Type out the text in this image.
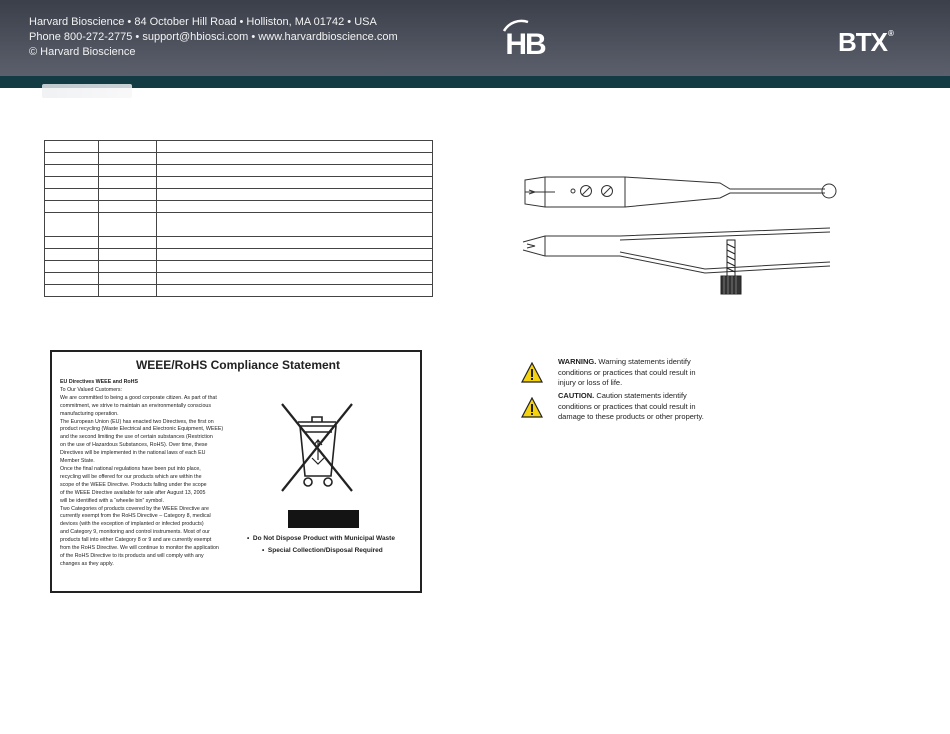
Harvard Bioscience • 84 October Hill Road • Holliston, MA 01742 • USA
Phone 800-272-2775 • support@hbiosci.com • www.harvardbioscience.com
© Harvard Bioscience	HB	BTX®

WEEE/RoHS Compliance Statement
EU Directives WEEE and RoHS
To Our Valued Customers:
We are committed to being a good corporate citizen. As part of that
commitment, we strive to maintain an environmentally conscious
manufacturing operation.
The European Union (EU) has enacted two Directives, the first on
product recycling (Waste Electrical and Electronic Equipment, WEEE)
and the second limiting the use of certain substances (Restriction
on the use of Hazardous Substances, RoHS). Over time, these
Directives will be implemented in the national laws of each EU
Member State.
Once the final national regulations have been put into place,
recycling will be offered for our products which are within the
scope of the WEEE Directive. Products falling under the scope
of the WEEE Directive available for sale after August 13, 2005
will be identified with a “wheelie bin” symbol.
Two Categories of products covered by the WEEE Directive are
currently exempt from the RoHS Directive – Category 8, medical
devices (with the exception of implanted or infected products)
and Category 9, monitoring and control instruments. Most of our
products fall into either Category 8 or 9 and are currently exempt
from the RoHS Directive. We will continue to monitor the application
of the RoHS Directive to its products and will comply with any
changes as they apply.
• Do Not Dispose Product with Municipal Waste
• Special Collection/Disposal Required
WARNING. Warning statements identify
conditions or practices that could result in
injury or loss of life.
CAUTION. Caution statements identify
conditions or practices that could result in
damage to these products or other property.
